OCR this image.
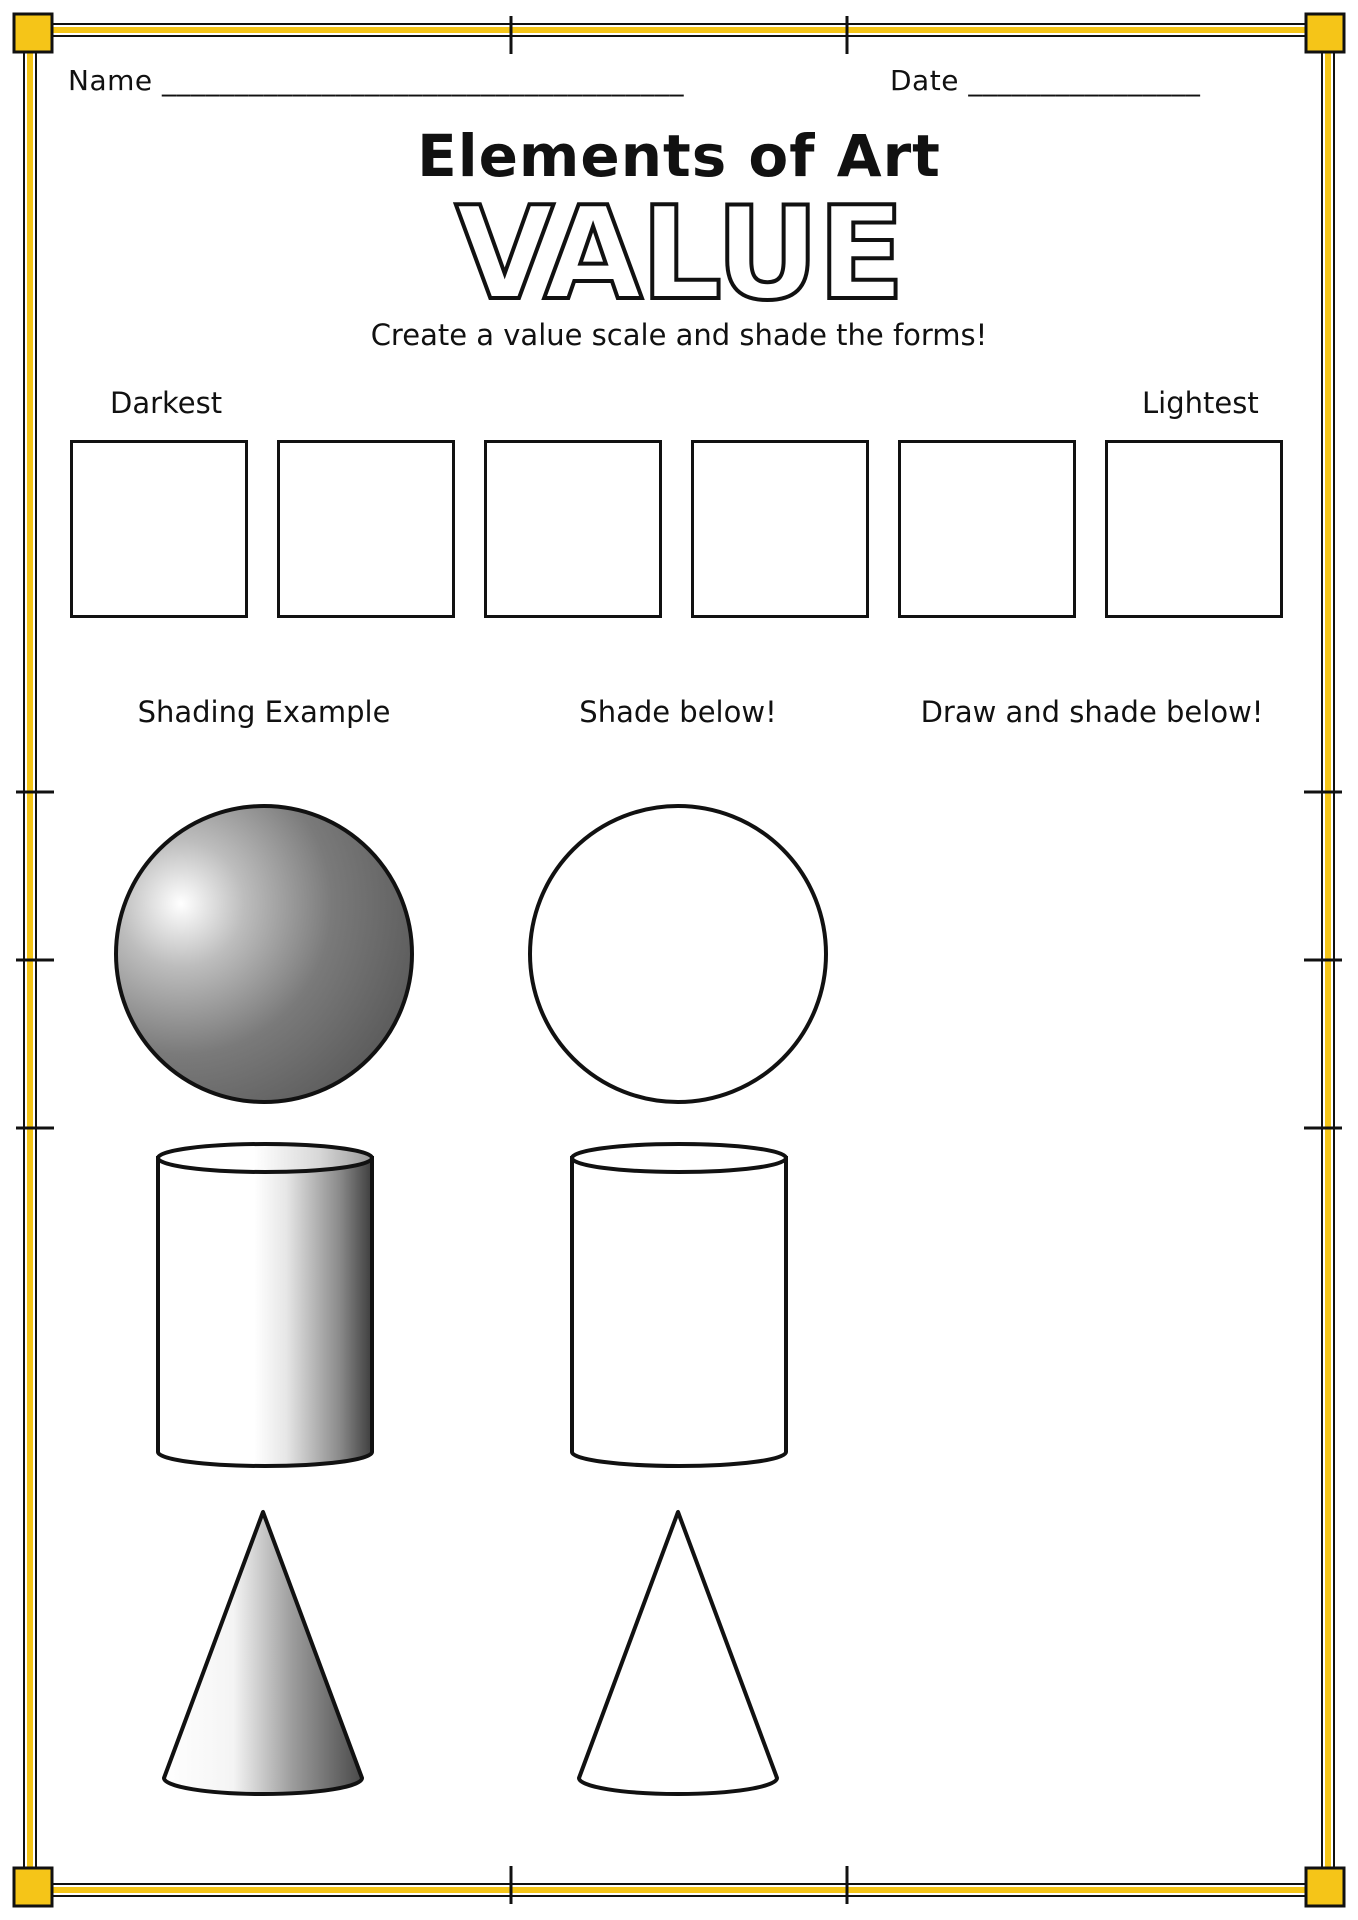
Name ____________________________________	Date ________________
Elements of Art
VALUE
Create a value scale and shade the forms!
Darkest	Lightest
Shading Example	Shade below!	Draw and shade below!
